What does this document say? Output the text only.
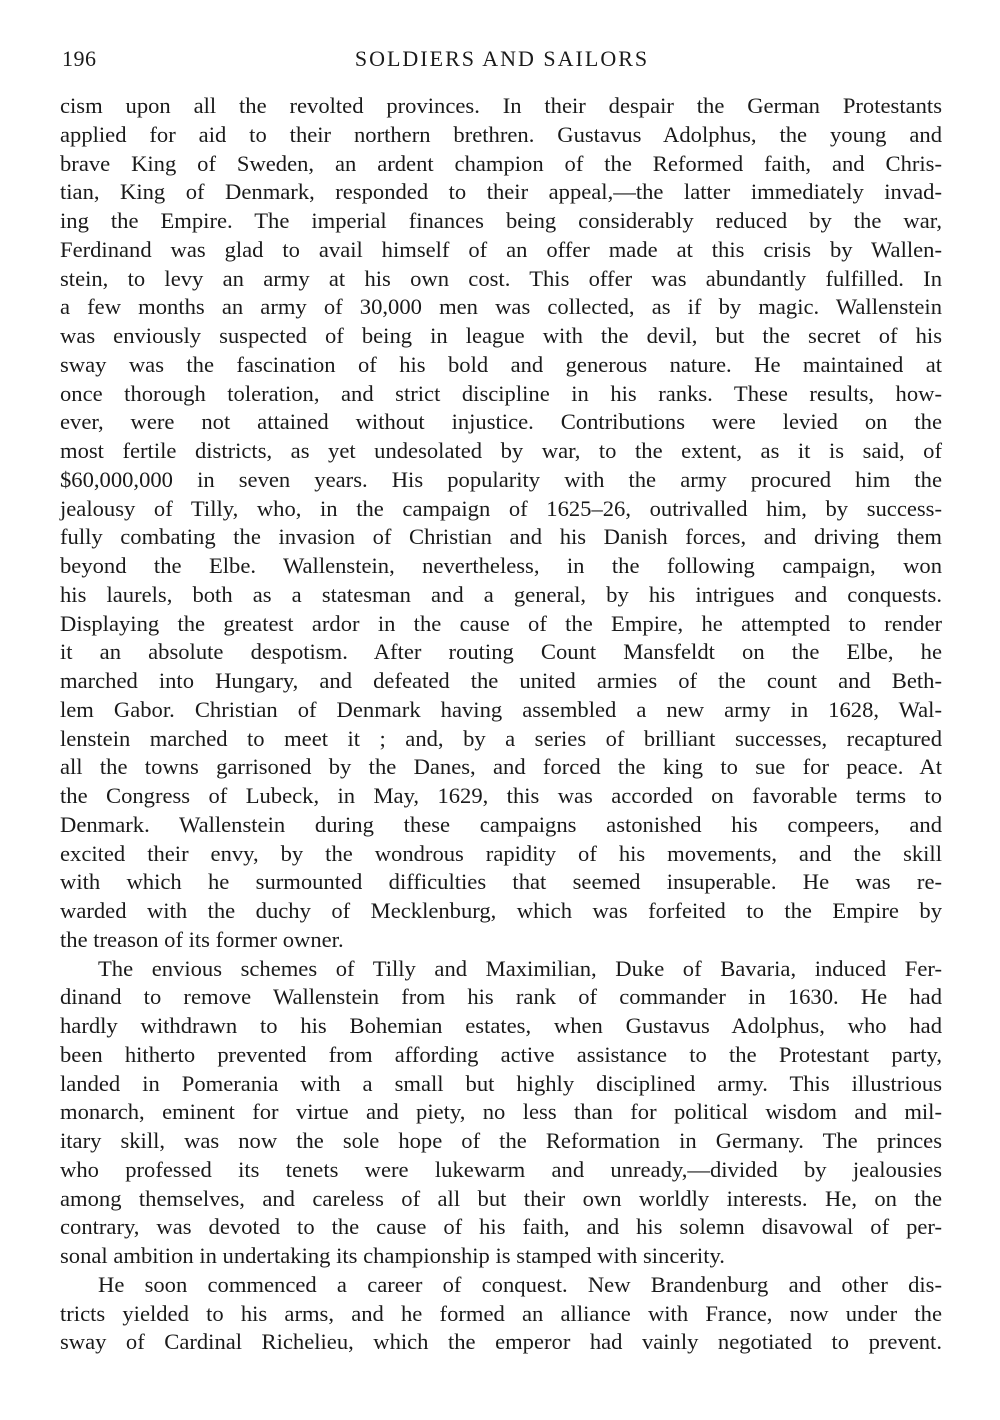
196	SOLDIERS AND SAILORS
cism upon all the revolted provinces. In their despair the German Protestants
applied for aid to their northern brethren. Gustavus Adolphus, the young and
brave King of Sweden, an ardent champion of the Reformed faith, and Chris-
tian, King of Denmark, responded to their appeal,—the latter immediately invad-
ing the Empire. The imperial finances being considerably reduced by the war,
Ferdinand was glad to avail himself of an offer made at this crisis by Wallen-
stein, to levy an army at his own cost. This offer was abundantly fulfilled. In
a few months an army of 30,000 men was collected, as if by magic. Wallenstein
was enviously suspected of being in league with the devil, but the secret of his
sway was the fascination of his bold and generous nature. He maintained at
once thorough toleration, and strict discipline in his ranks. These results, how-
ever, were not attained without injustice. Contributions were levied on the
most fertile districts, as yet undesolated by war, to the extent, as it is said, of
$60,000,000 in seven years. His popularity with the army procured him the
jealousy of Tilly, who, in the campaign of 1625–26, outrivalled him, by success-
fully combating the invasion of Christian and his Danish forces, and driving them
beyond the Elbe. Wallenstein, nevertheless, in the following campaign, won
his laurels, both as a statesman and a general, by his intrigues and conquests.
Displaying the greatest ardor in the cause of the Empire, he attempted to render
it an absolute despotism. After routing Count Mansfeldt on the Elbe, he
marched into Hungary, and defeated the united armies of the count and Beth-
lem Gabor. Christian of Denmark having assembled a new army in 1628, Wal-
lenstein marched to meet it ; and, by a series of brilliant successes, recaptured
all the towns garrisoned by the Danes, and forced the king to sue for peace. At
the Congress of Lubeck, in May, 1629, this was accorded on favorable terms to
Denmark. Wallenstein during these campaigns astonished his compeers, and
excited their envy, by the wondrous rapidity of his movements, and the skill
with which he surmounted difficulties that seemed insuperable. He was re-
warded with the duchy of Mecklenburg, which was forfeited to the Empire by
the treason of its former owner.
The envious schemes of Tilly and Maximilian, Duke of Bavaria, induced Fer-
dinand to remove Wallenstein from his rank of commander in 1630. He had
hardly withdrawn to his Bohemian estates, when Gustavus Adolphus, who had
been hitherto prevented from affording active assistance to the Protestant party,
landed in Pomerania with a small but highly disciplined army. This illustrious
monarch, eminent for virtue and piety, no less than for political wisdom and mil-
itary skill, was now the sole hope of the Reformation in Germany. The princes
who professed its tenets were lukewarm and unready,—divided by jealousies
among themselves, and careless of all but their own worldly interests. He, on the
contrary, was devoted to the cause of his faith, and his solemn disavowal of per-
sonal ambition in undertaking its championship is stamped with sincerity.
He soon commenced a career of conquest. New Brandenburg and other dis-
tricts yielded to his arms, and he formed an alliance with France, now under the
sway of Cardinal Richelieu, which the emperor had vainly negotiated to prevent.
